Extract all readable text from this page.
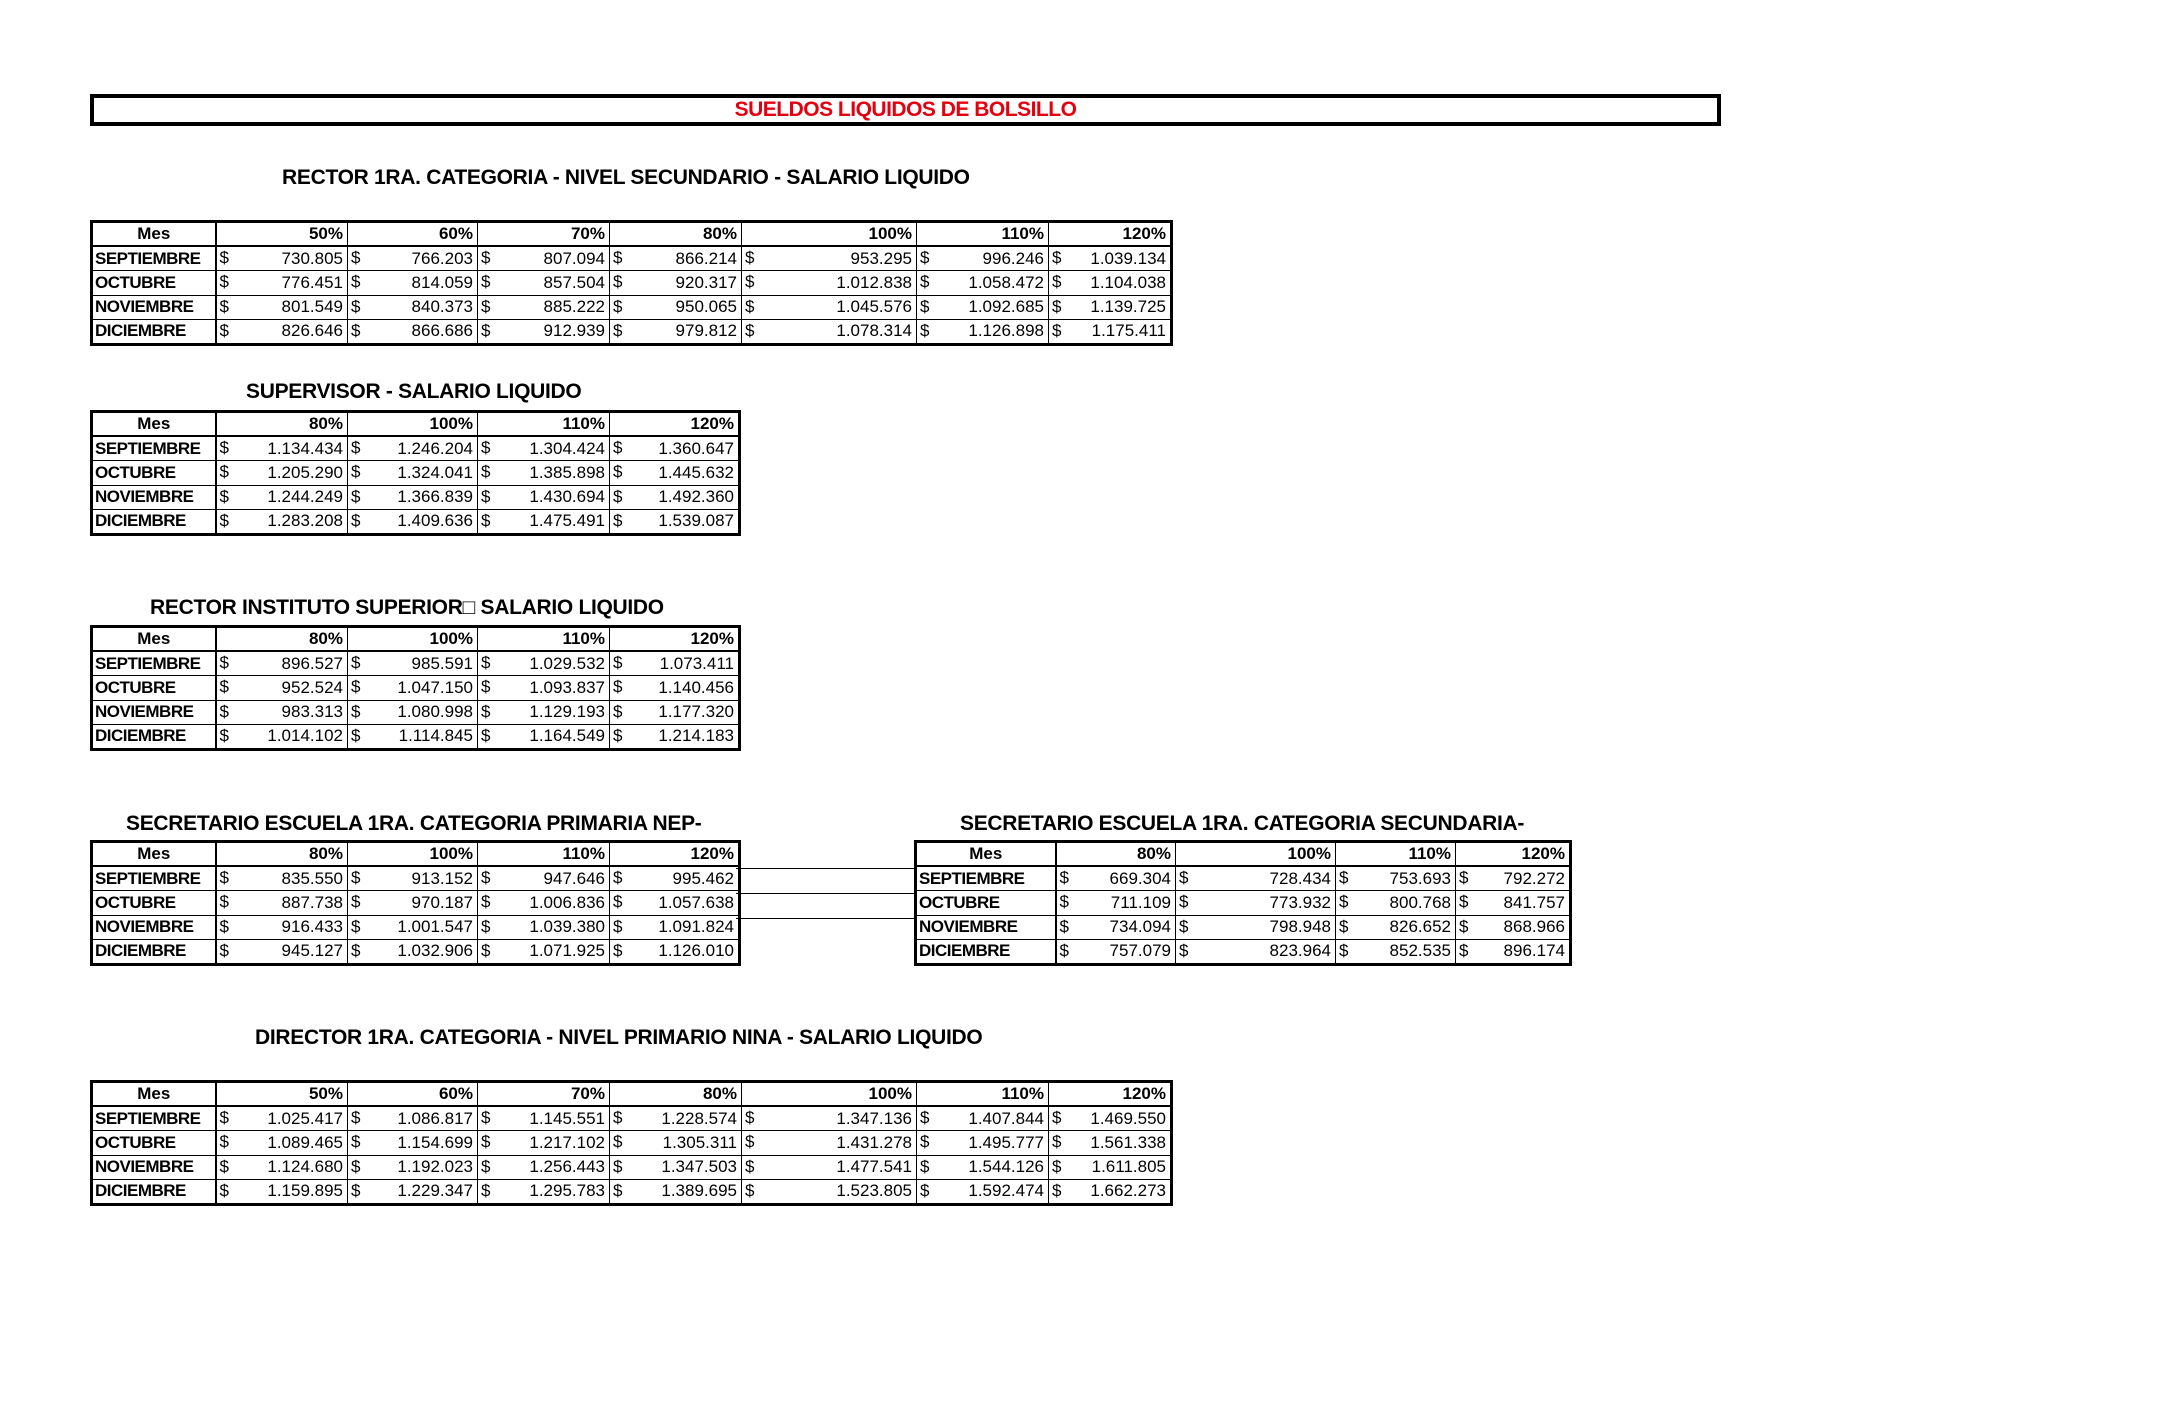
SUELDOS LIQUIDOS DE BOLSILLO
RECTOR 1RA. CATEGORIA - NIVEL SECUNDARIO - SALARIO LIQUIDO
Mes	50%	60%	70%	80%	100%	110%	120%
SEPTIEMBRE	$ 730.805	$ 766.203	$ 807.094	$ 866.214	$ 953.295	$ 996.246	$ 1.039.134
OCTUBRE	$ 776.451	$ 814.059	$ 857.504	$ 920.317	$ 1.012.838	$ 1.058.472	$ 1.104.038
NOVIEMBRE	$ 801.549	$ 840.373	$ 885.222	$ 950.065	$ 1.045.576	$ 1.092.685	$ 1.139.725
DICIEMBRE	$ 826.646	$ 866.686	$ 912.939	$ 979.812	$ 1.078.314	$ 1.126.898	$ 1.175.411
SUPERVISOR - SALARIO LIQUIDO
Mes	80%	100%	110%	120%
SEPTIEMBRE	$ 1.134.434	$ 1.246.204	$ 1.304.424	$ 1.360.647
OCTUBRE	$ 1.205.290	$ 1.324.041	$ 1.385.898	$ 1.445.632
NOVIEMBRE	$ 1.244.249	$ 1.366.839	$ 1.430.694	$ 1.492.360
DICIEMBRE	$ 1.283.208	$ 1.409.636	$ 1.475.491	$ 1.539.087
RECTOR INSTITUTO SUPERIOR□ SALARIO LIQUIDO
Mes	80%	100%	110%	120%
SEPTIEMBRE	$ 896.527	$ 985.591	$ 1.029.532	$ 1.073.411
OCTUBRE	$ 952.524	$ 1.047.150	$ 1.093.837	$ 1.140.456
NOVIEMBRE	$ 983.313	$ 1.080.998	$ 1.129.193	$ 1.177.320
DICIEMBRE	$ 1.014.102	$ 1.114.845	$ 1.164.549	$ 1.214.183
SECRETARIO ESCUELA 1RA. CATEGORIA PRIMARIA NEP-
Mes	80%	100%	110%	120%
SEPTIEMBRE	$ 835.550	$ 913.152	$ 947.646	$ 995.462
OCTUBRE	$ 887.738	$ 970.187	$ 1.006.836	$ 1.057.638
NOVIEMBRE	$ 916.433	$ 1.001.547	$ 1.039.380	$ 1.091.824
DICIEMBRE	$ 945.127	$ 1.032.906	$ 1.071.925	$ 1.126.010
SECRETARIO ESCUELA 1RA. CATEGORIA SECUNDARIA-
Mes	80%	100%	110%	120%
SEPTIEMBRE	$ 669.304	$ 728.434	$ 753.693	$ 792.272
OCTUBRE	$ 711.109	$ 773.932	$ 800.768	$ 841.757
NOVIEMBRE	$ 734.094	$ 798.948	$ 826.652	$ 868.966
DICIEMBRE	$ 757.079	$ 823.964	$ 852.535	$ 896.174
DIRECTOR 1RA. CATEGORIA - NIVEL PRIMARIO NINA - SALARIO LIQUIDO
Mes	50%	60%	70%	80%	100%	110%	120%
SEPTIEMBRE	$ 1.025.417	$ 1.086.817	$ 1.145.551	$ 1.228.574	$ 1.347.136	$ 1.407.844	$ 1.469.550
OCTUBRE	$ 1.089.465	$ 1.154.699	$ 1.217.102	$ 1.305.311	$ 1.431.278	$ 1.495.777	$ 1.561.338
NOVIEMBRE	$ 1.124.680	$ 1.192.023	$ 1.256.443	$ 1.347.503	$ 1.477.541	$ 1.544.126	$ 1.611.805
DICIEMBRE	$ 1.159.895	$ 1.229.347	$ 1.295.783	$ 1.389.695	$ 1.523.805	$ 1.592.474	$ 1.662.273
